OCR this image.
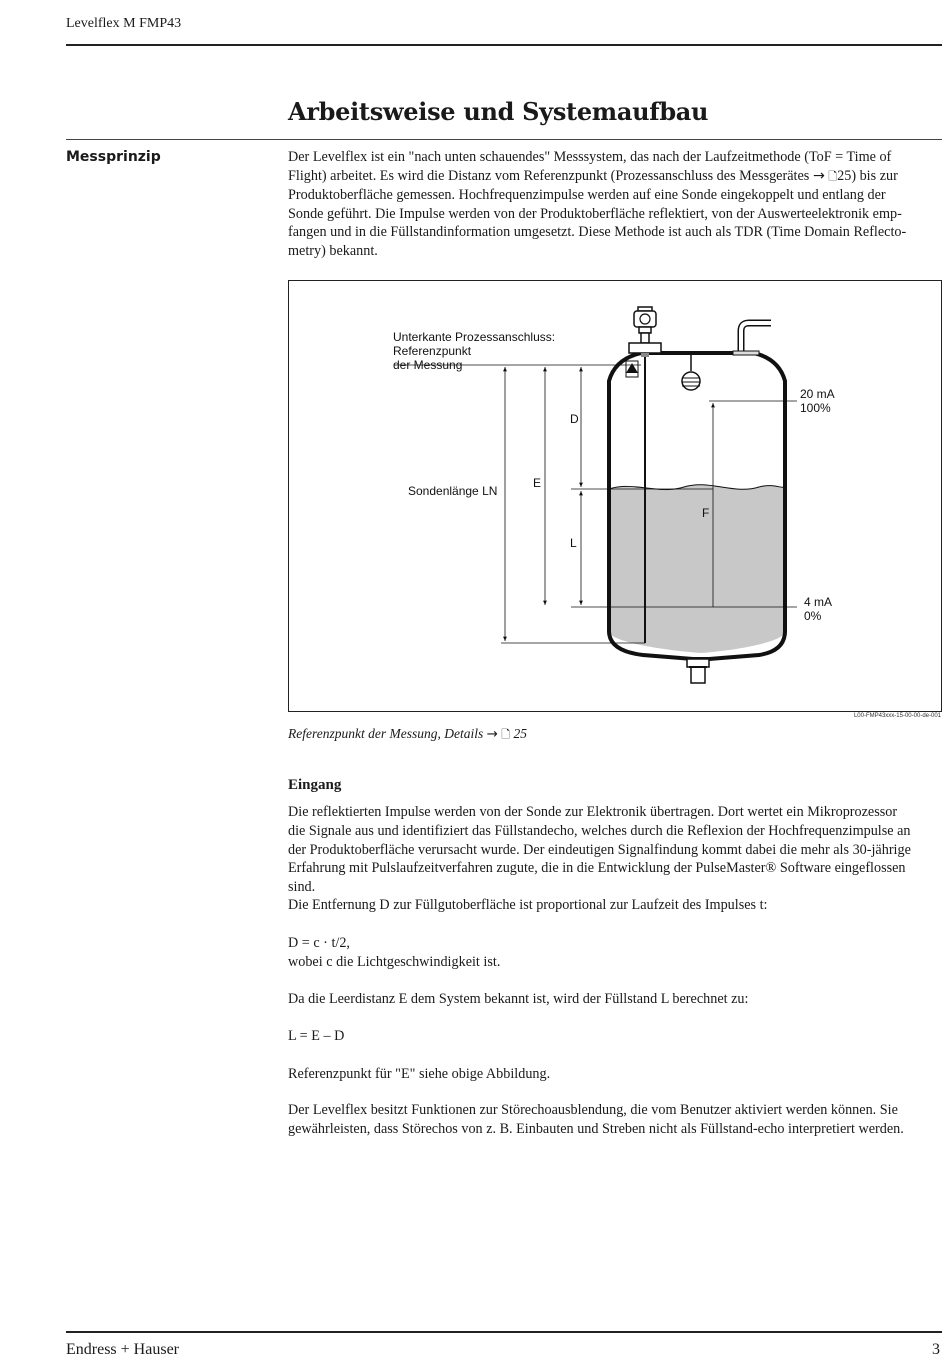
Levelflex M FMP43
Arbeitsweise und Systemaufbau
Messprinzip	Der Levelflex ist ein "nach unten schauendes" Messsystem, das nach der Laufzeitmethode (ToF = Time of
Flight) arbeitet. Es wird die Distanz vom Referenzpunkt (Prozessanschluss des Messgerätes → 🗋25) bis zur
Produktoberfläche gemessen. Hochfrequenzimpulse werden auf eine Sonde eingekoppelt und entlang der
Sonde geführt. Die Impulse werden von der Produktoberfläche reflektiert, von der Auswerteelektronik emp-
fangen und in die Füllstandinformation umgesetzt. Diese Methode ist auch als TDR (Time Domain Reflecto-
metry) bekannt.
Unterkante Prozessanschluss:
Referenzpunkt
der Messung
Sondenlänge LN
D
E
L
F
20 mA
100%
4 mA
0%
L00-FMP43xxx-15-00-00-de-001
Referenzpunkt der Messung, Details → 🗋 25
Eingang
Die reflektierten Impulse werden von der Sonde zur Elektronik übertragen. Dort wertet ein Mikroprozessor
die Signale aus und identifiziert das Füllstandecho, welches durch die Reflexion der Hochfrequenzimpulse an
der Produktoberfläche verursacht wurde. Der eindeutigen Signalfindung kommt dabei die mehr als 30-jährige
Erfahrung mit Pulslaufzeitverfahren zugute, die in die Entwicklung der PulseMaster® Software eingeflossen
sind.
Die Entfernung D zur Füllgutoberfläche ist proportional zur Laufzeit des Impulses t:
D = c · t/2,
wobei c die Lichtgeschwindigkeit ist.
Da die Leerdistanz E dem System bekannt ist, wird der Füllstand L berechnet zu:
L = E – D
Referenzpunkt für "E" siehe obige Abbildung.
Der Levelflex besitzt Funktionen zur Störechoausblendung, die vom Benutzer aktiviert werden können. Sie
gewährleisten, dass Störechos von z. B. Einbauten und Streben nicht als Füllstand-echo interpretiert werden.
Endress + Hauser	3
